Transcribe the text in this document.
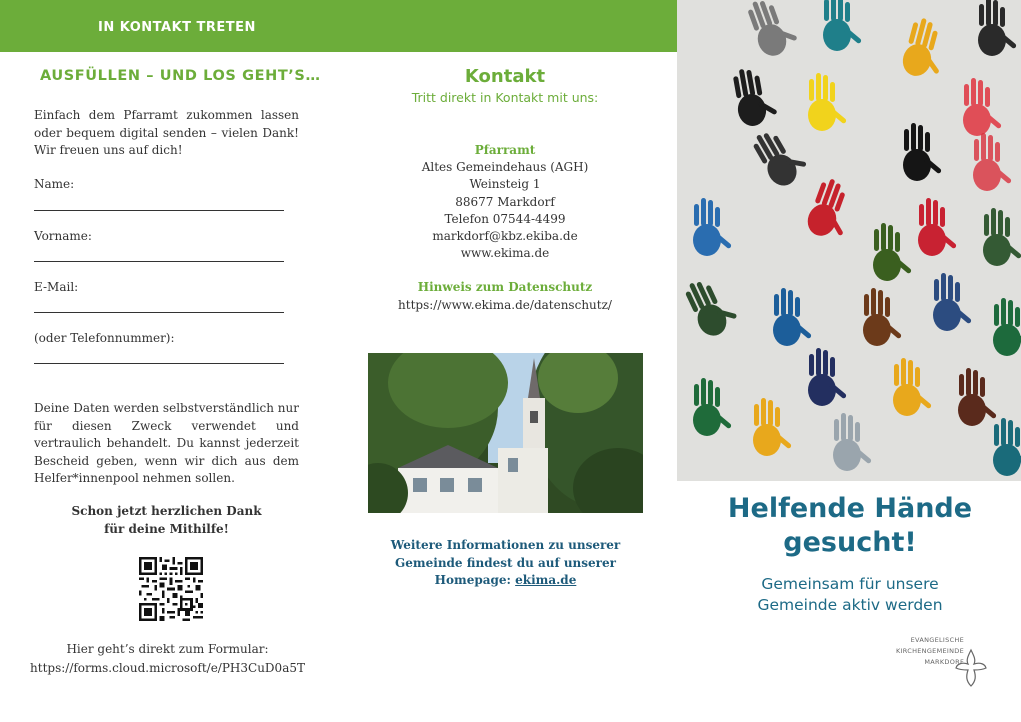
IN KONTAKT TRETEN
AUSFÜLLEN – UND LOS GEHT’S…
Einfach dem Pfarramt zukommen lassen oder bequem digital senden – vielen Dank! Wir freuen uns auf dich!
Name:
Vorname:
E-Mail:
(oder Telefonnummer):
Deine Daten werden selbstverständlich nur für diesen Zweck verwendet und vertraulich behandelt. Du kannst jederzeit Bescheid geben, wenn wir dich aus dem Helfer*innenpool nehmen sollen.
Schon jetzt herzlichen Dank
für deine Mithilfe!
Hier geht’s direkt zum Formular:
https://forms.cloud.microsoft/e/PH3CuD0a5T
Kontakt
Tritt direkt in Kontakt mit uns:
Pfarramt
Altes Gemeindehaus (AGH)
Weinsteig 1
88677 Markdorf
Telefon 07544-4499
markdorf@kbz.ekiba.de
www.ekima.de
Hinweis zum Datenschutz
https://www.ekima.de/datenschutz/
Weitere Informationen zu unserer Gemeinde findest du auf unserer Homepage: ekima.de
Helfende Hände
gesucht!
Gemeinsam für unsere
Gemeinde aktiv werden
EVANGELISCHE
KIRCHENGEMEINDE
MARKDORF
